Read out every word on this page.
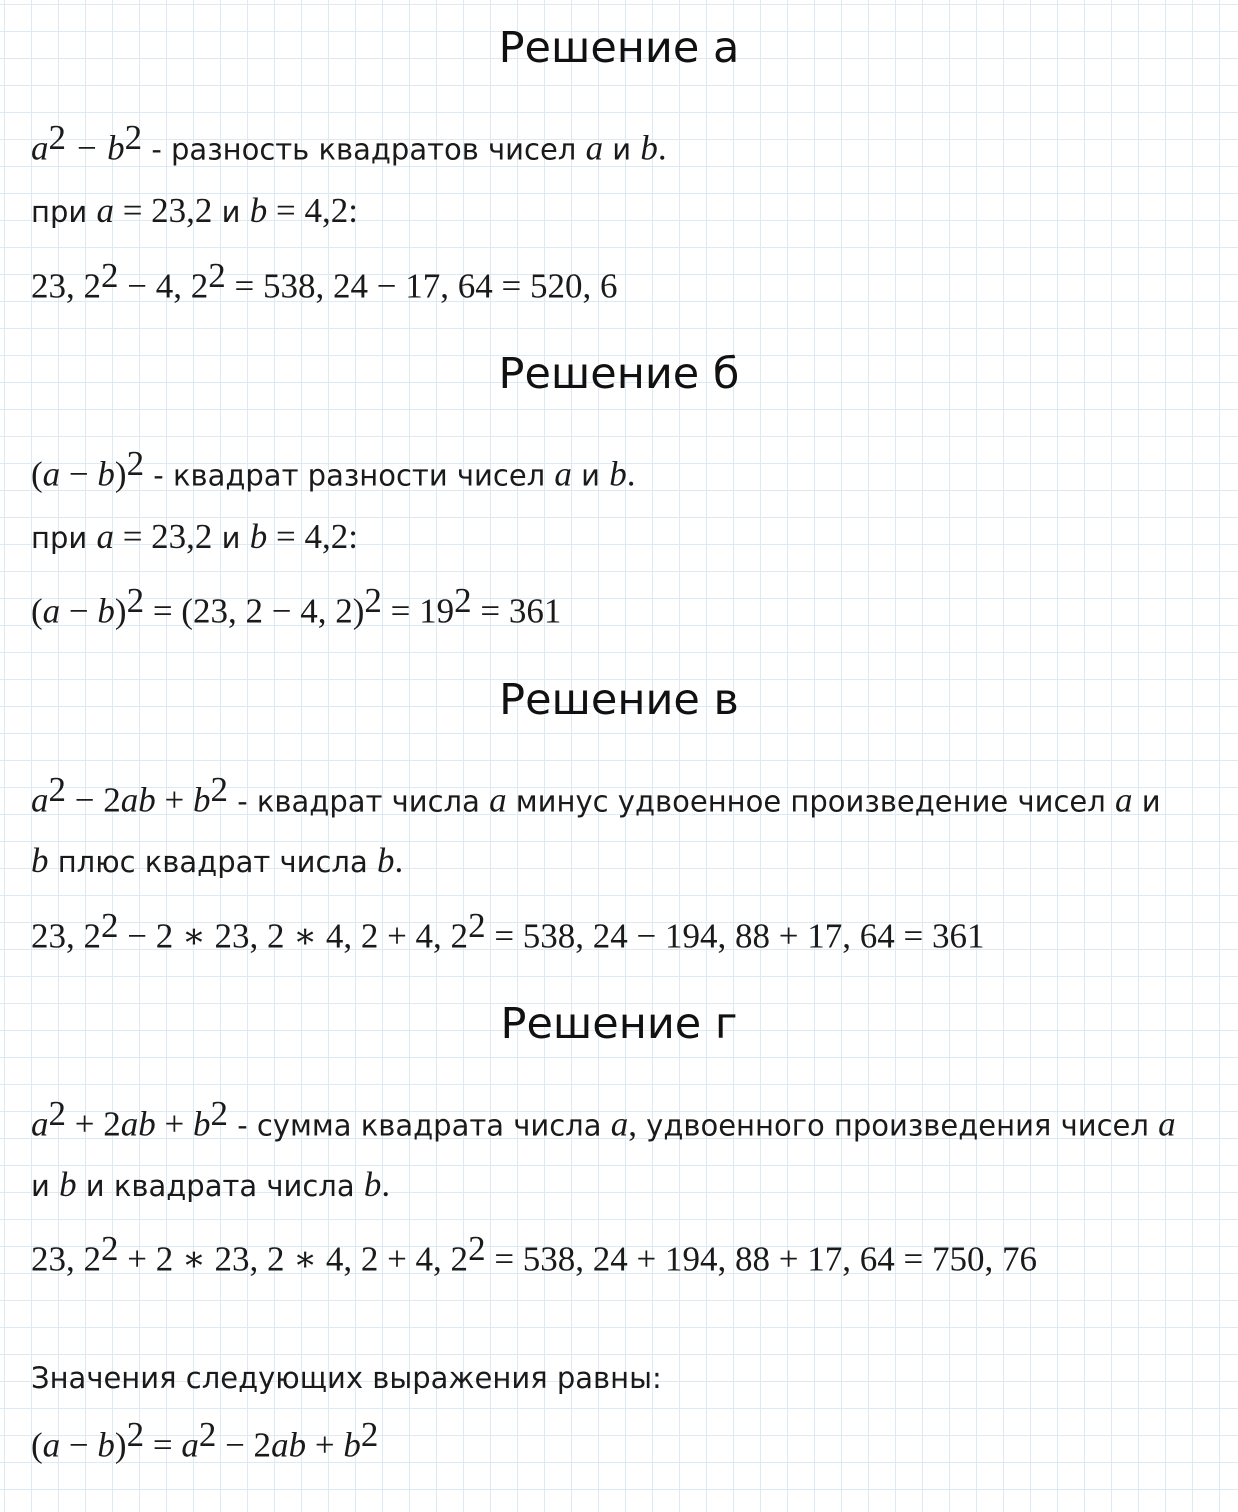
Решение а
$a^2 - b^2$ - разность квадратов чисел a и b.
при a = 23,2 и b = 4,2:
23, $2^2 - 4$, $2^2 = 538$, 24 − 17, 64 = 520, 6
Решение б
$(a - b)^2$ - квадрат разности чисел a и b.
при a = 23,2 и b = 4,2:
$(a - b)^2 = (23$, 2 − 4, $2)^2 = 19^2 = 361$
Решение в
$a^2 - 2ab + b^2$ - квадрат числа a минус удвоенное произведение чисел a и
b плюс квадрат числа b.
23, $2^2 - 2$ ∗ 23, 2 ∗ 4, 2 + 4, $2^2 = 538$, 24 − 194, 88 + 17, 64 = 361
Решение г
$a^2 + 2ab + b^2$ - сумма квадрата числа a, удвоенного произведения чисел a
и b и квадрата числа b.
23, $2^2 + 2$ ∗ 23, 2 ∗ 4, 2 + 4, $2^2 = 538$, 24 + 194, 88 + 17, 64 = 750, 76
Значения следующих выражения равны:
$(a - b)^2 = a^2 - 2ab + b^2$
